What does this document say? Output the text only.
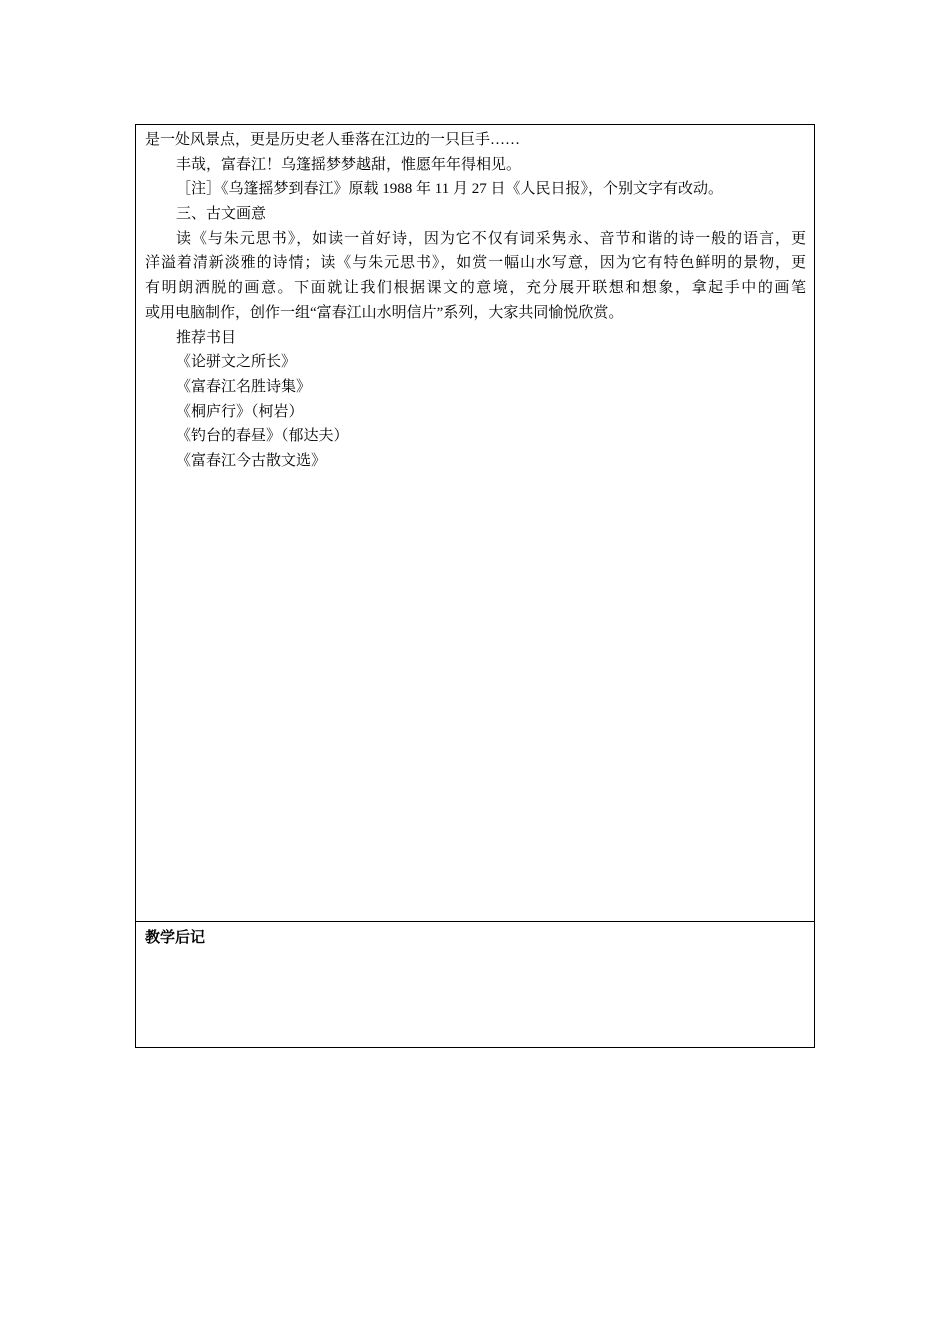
是一处风景点，更是历史老人垂落在江边的一只巨手……

丰哉，富春江！乌篷摇梦梦越甜，惟愿年年得相见。

［注］《乌篷摇梦到春江》原载 1988 年 11 月 27 日《人民日报》，个别文字有改动。

三、古文画意

读《与朱元思书》，如读一首好诗，因为它不仅有词采隽永、音节和谐的诗一般的语言，更

洋溢着清新淡雅的诗情；读《与朱元思书》，如赏一幅山水写意，因为它有特色鲜明的景物，更

有明朗洒脱的画意。下面就让我们根据课文的意境，充分展开联想和想象，拿起手中的画笔

或用电脑制作，创作一组“富春江山水明信片”系列，大家共同愉悦欣赏。

推荐书目

《论骈文之所长》

《富春江名胜诗集》

《桐庐行》（柯岩）

《钓台的春昼》（郁达夫）

《富春江今古散文选》

教学后记
